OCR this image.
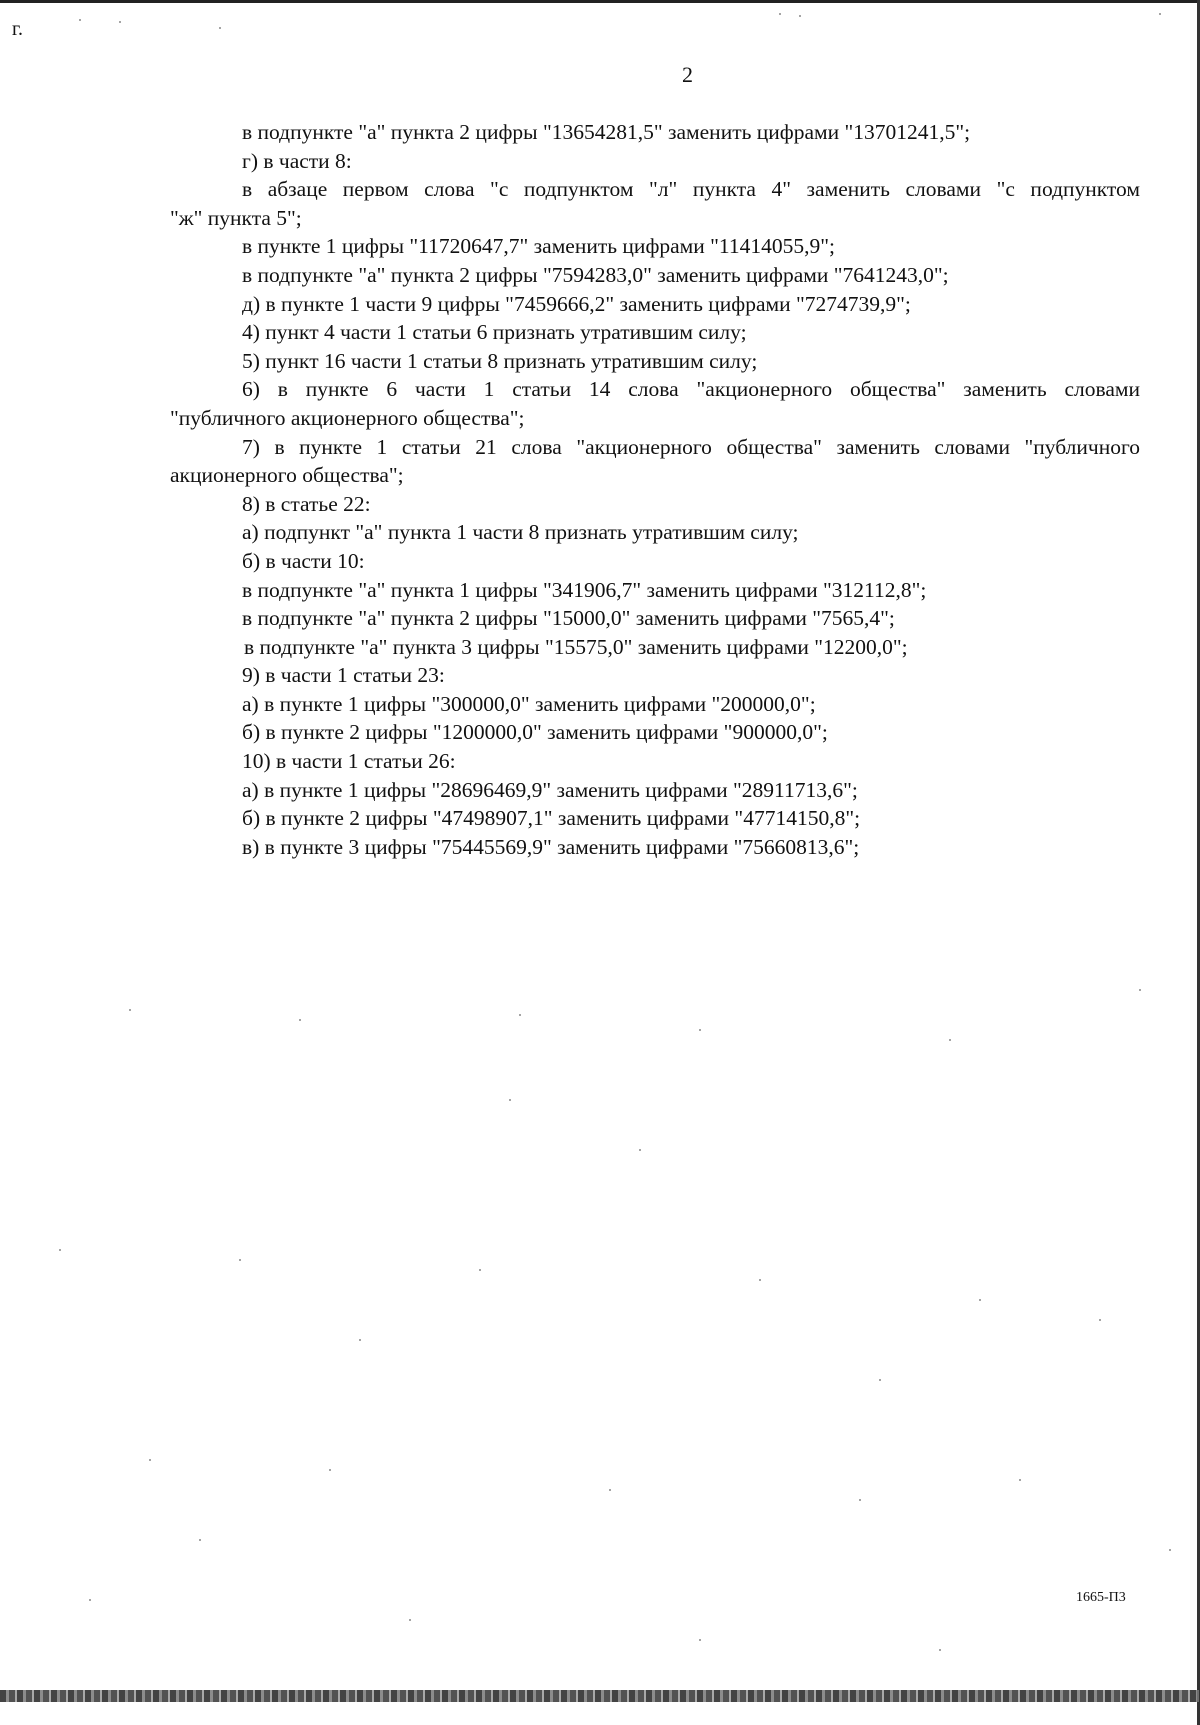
г.
2
в подпункте "а" пункта 2 цифры "13654281,5" заменить цифрами "13701241,5";
г) в части 8:
в абзаце первом слова "с подпунктом "л" пункта 4" заменить словами "с подпунктом
"ж" пункта 5";
в пункте 1 цифры "11720647,7" заменить цифрами "11414055,9";
в подпункте "а" пункта 2 цифры "7594283,0" заменить цифрами "7641243,0";
д) в пункте 1 части 9 цифры "7459666,2" заменить цифрами "7274739,9";
4) пункт 4 части 1 статьи 6 признать утратившим силу;
5) пункт 16 части 1 статьи 8 признать утратившим силу;
6) в пункте 6 части 1 статьи 14 слова "акционерного общества" заменить словами
"публичного акционерного общества";
7) в пункте 1 статьи 21 слова "акционерного общества" заменить словами "публичного
акционерного общества";
8) в статье 22:
а) подпункт "а" пункта 1 части 8 признать утратившим силу;
б) в части 10:
в подпункте "а" пункта 1 цифры "341906,7" заменить цифрами "312112,8";
в подпункте "а" пункта 2 цифры "15000,0" заменить цифрами "7565,4";
в подпункте "а" пункта 3 цифры "15575,0" заменить цифрами "12200,0";
9) в части 1 статьи 23:
а) в пункте 1 цифры "300000,0" заменить цифрами "200000,0";
б) в пункте 2 цифры "1200000,0" заменить цифрами "900000,0";
10) в части 1 статьи 26:
а) в пункте 1 цифры "28696469,9" заменить цифрами "28911713,6";
б) в пункте 2 цифры "47498907,1" заменить цифрами "47714150,8";
в) в пункте 3 цифры "75445569,9" заменить цифрами "75660813,6";
1665-П3
